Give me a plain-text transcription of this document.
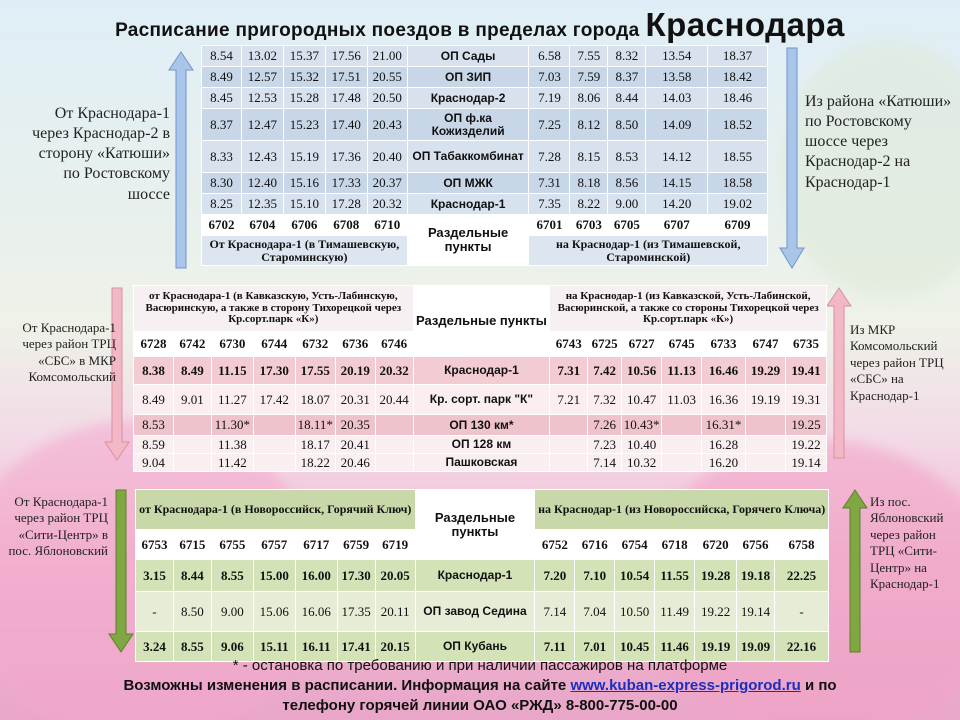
Расписание пригородных поездов в пределах города Краснодара
От Краснодара-1 через Краснодар-2 в сторону «Катюши» по Ростовскому шоссе
Из района «Катюши» по Ростовскому шоссе через Краснодар-2 на Краснодар-1
8.54	13.02	15.37	17.56	21.00	ОП Сады	6.58	7.55	8.32	13.54	18.37
8.49	12.57	15.32	17.51	20.55	ОП ЗИП	7.03	7.59	8.37	13.58	18.42
8.45	12.53	15.28	17.48	20.50	Краснодар-2	7.19	8.06	8.44	14.03	18.46
8.37	12.47	15.23	17.40	20.43	ОП ф.ка Кожизделий	7.25	8.12	8.50	14.09	18.52
8.33	12.43	15.19	17.36	20.40	ОП Табаккомбинат	7.28	8.15	8.53	14.12	18.55
8.30	12.40	15.16	17.33	20.37	ОП МЖК	7.31	8.18	8.56	14.15	18.58
8.25	12.35	15.10	17.28	20.32	Краснодар-1	7.35	8.22	9.00	14.20	19.02
6702	6704	6706	6708	6710	Раздельные пункты	6701	6703	6705	6707	6709
От Краснодара-1 (в Тимашевскую, Староминскую)						на Краснодар-1 (из Тимашевской, Староминской)				
От Краснодара-1 через район ТРЦ «СБС» в МКР Комсомольский
Из МКР Комсомольский через район ТРЦ «СБС» на Краснодар-1
от Краснодара-1 (в Кавказскую, Усть-Лабинскую, Васюринскую, а также в сторону Тихорецкой через Кр.сорт.парк «К»)							Раздельные пункты	на Краснодар-1 (из Кавказской, Усть-Лабинской, Васюринской, а также со стороны Тихорецкой через Кр.сорт.парк «К»)						
6728	6742	6730	6744	6732	6736	6746		6743	6725	6727	6745	6733	6747	6735
8.38	8.49	11.15	17.30	17.55	20.19	20.32	Краснодар-1	7.31	7.42	10.56	11.13	16.46	19.29	19.41
8.49	9.01	11.27	17.42	18.07	20.31	20.44	Кр. сорт. парк "К"	7.21	7.32	10.47	11.03	16.36	19.19	19.31
8.53		11.30*		18.11*	20.35		ОП 130 км*		7.26	10.43*		16.31*		19.25
8.59		11.38		18.17	20.41		ОП 128 км		7.23	10.40		16.28		19.22
9.04		11.42		18.22	20.46		Пашковская		7.14	10.32		16.20		19.14
От Краснодара-1 через район ТРЦ «Сити-Центр» в пос. Яблоновский
Из пос. Яблоновский через район ТРЦ «Сити-Центр» на Краснодар-1
от Краснодара-1 (в Новороссийск, Горячий Ключ)							Раздельные пункты	на Краснодар-1 (из Новороссийска, Горячего Ключа)						
6753	6715	6755	6757	6717	6759	6719		6752	6716	6754	6718	6720	6756	6758
3.15	8.44	8.55	15.00	16.00	17.30	20.05	Краснодар-1	7.20	7.10	10.54	11.55	19.28	19.18	22.25
-	8.50	9.00	15.06	16.06	17.35	20.11	ОП завод Седина	7.14	7.04	10.50	11.49	19.22	19.14	-
3.24	8.55	9.06	15.11	16.11	17.41	20.15	ОП Кубань	7.11	7.01	10.45	11.46	19.19	19.09	22.16
* - остановка по требованию и при наличии пассажиров на платформе
Возможны изменения в расписании. Информация на сайте www.kuban-express-prigorod.ru и по
телефону горячей линии ОАО «РЖД» 8-800-775-00-00
